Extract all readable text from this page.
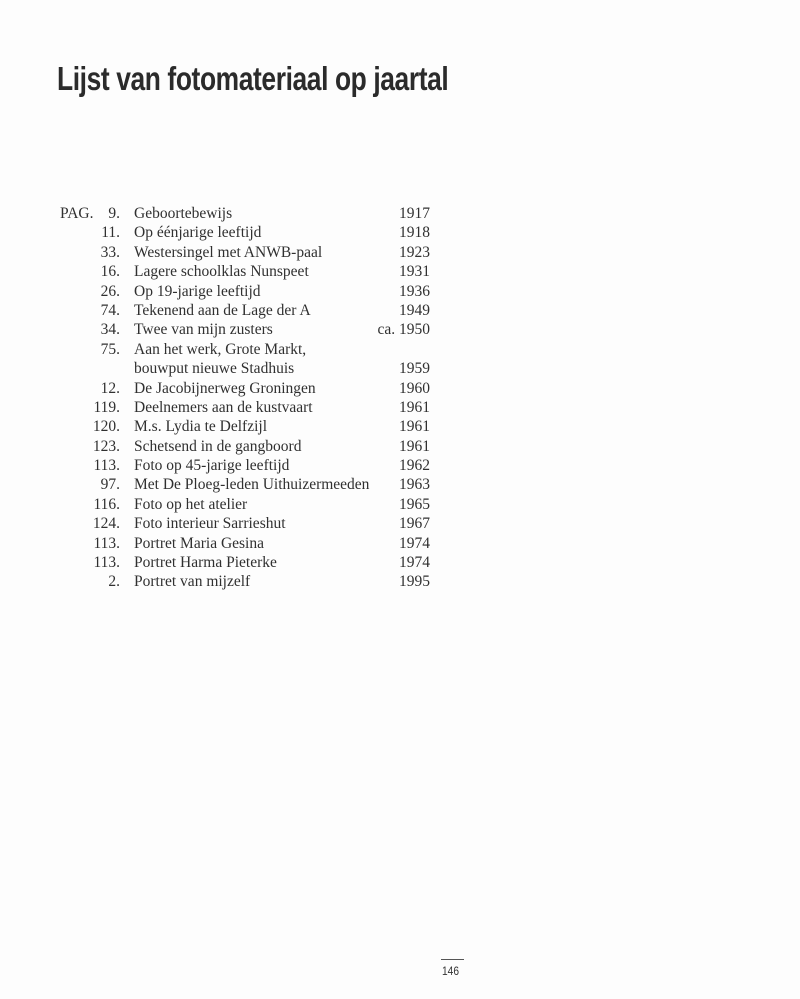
Lijst van fotomateriaal op jaartal
PAG. 9. Geboortebewijs	1917
11. Op éénjarige leeftijd	1918
33. Westersingel met ANWB-paal	1923
16. Lagere schoolklas Nunspeet	1931
26. Op 19-jarige leeftijd	1936
74. Tekenend aan de Lage der A	1949
34. Twee van mijn zusters	ca. 1950
75. Aan het werk, Grote Markt,
bouwput nieuwe Stadhuis	1959
12. De Jacobijnerweg Groningen	1960
119. Deelnemers aan de kustvaart	1961
120. M.s. Lydia te Delfzijl	1961
123. Schetsend in de gangboord	1961
113. Foto op 45-jarige leeftijd	1962
97. Met De Ploeg-leden Uithuizermeeden 1963
116. Foto op het atelier	1965
124. Foto interieur Sarrieshut	1967
113. Portret Maria Gesina	1974
113. Portret Harma Pieterke	1974
2. Portret van mijzelf	1995
146
